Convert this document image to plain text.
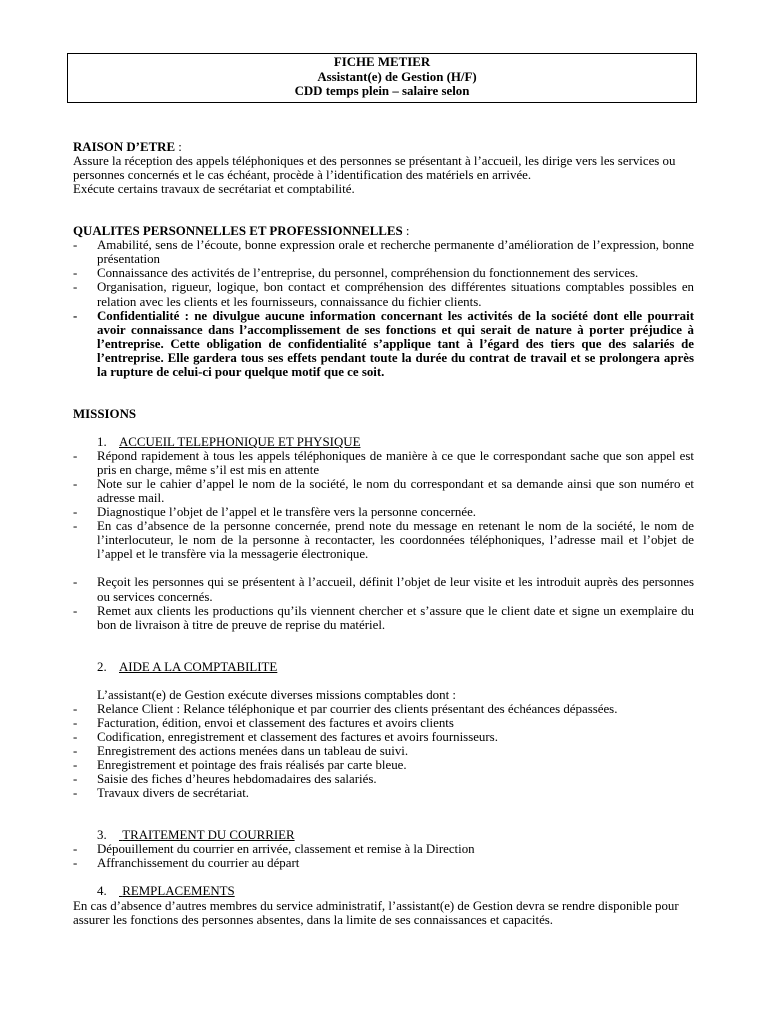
FICHE METIER
Assistant(e) de Gestion (H/F)
CDD temps plein – salaire selon
RAISON D’ETRE :

Assure la réception des appels téléphoniques et des personnes se présentant à l’accueil, les dirige vers les services ou personnes concernés et le cas échéant, procède à l’identification des matériels en arrivée.

Exécute certains travaux de secrétariat et comptabilité.

QUALITES PERSONNELLES ET PROFESSIONNELLES :
- Amabilité, sens de l’écoute, bonne expression orale et recherche permanente d’amélioration de l’expression, bonne présentation
- Connaissance des activités de l’entreprise, du personnel, compréhension du fonctionnement des services.
- Organisation, rigueur, logique, bon contact et compréhension des différentes situations comptables possibles en relation avec les clients et les fournisseurs, connaissance du fichier clients.
- Confidentialité : ne divulgue aucune information concernant les activités de la société dont elle pourrait avoir connaissance dans l’accomplissement de ses fonctions et qui serait de nature à porter préjudice à l’entreprise. Cette obligation de confidentialité s’applique tant à l’égard des tiers que des salariés de l’entreprise. Elle gardera tous ses effets pendant toute la durée du contrat de travail et se prolongera après la rupture de celui-ci pour quelque motif que ce soit.
MISSIONS
1. ACCUEIL TELEPHONIQUE ET PHYSIQUE
- Répond rapidement à tous les appels téléphoniques de manière à ce que le correspondant sache que son appel est pris en charge, même s’il est mis en attente
- Note sur le cahier d’appel le nom de la société, le nom du correspondant et sa demande ainsi que son numéro et adresse mail.
- Diagnostique l’objet de l’appel et le transfère vers la personne concernée.
- En cas d’absence de la personne concernée, prend note du message en retenant le nom de la société, le nom de l’interlocuteur, le nom de la personne à recontacter, les coordonnées téléphoniques, l’adresse mail et l’objet de l’appel et le transfère via la messagerie électronique.
- Reçoit les personnes qui se présentent à l’accueil, définit l’objet de leur visite et les introduit auprès des personnes ou services concernés.
- Remet aux clients les productions qu’ils viennent chercher et s’assure que le client date et signe un exemplaire du bon de livraison à titre de preuve de reprise du matériel.
2. AIDE A LA COMPTABILITE

L’assistant(e) de Gestion exécute diverses missions comptables dont :

- Relance Client : Relance téléphonique et par courrier des clients présentant des échéances dépassées.
- Facturation, édition, envoi et classement des factures et avoirs clients
- Codification, enregistrement et classement des factures et avoirs fournisseurs.
- Enregistrement des actions menées dans un tableau de suivi.
- Enregistrement et pointage des frais réalisés par carte bleue.
- Saisie des fiches d’heures hebdomadaires des salariés.
- Travaux divers de secrétariat.
3. TRAITEMENT DU COURRIER
- Dépouillement du courrier en arrivée, classement et remise à la Direction
- Affranchissement du courrier au départ
4. REMPLACEMENTS

En cas d’absence d’autres membres du service administratif, l’assistant(e) de Gestion devra se rendre disponible pour assurer les fonctions des personnes absentes, dans la limite de ses connaissances et capacités.
